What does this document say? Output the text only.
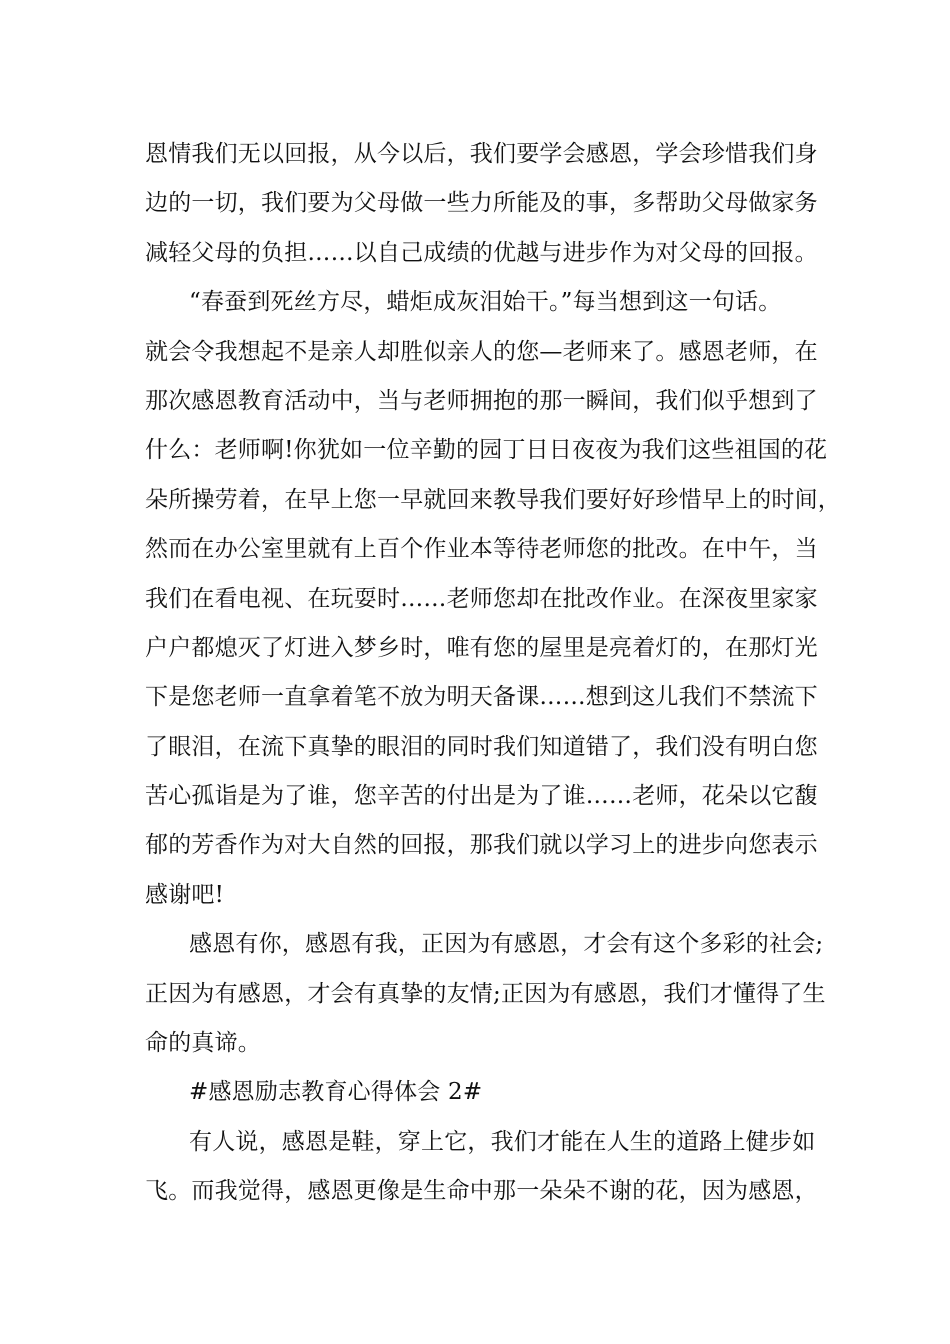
恩情我们无以回报，从今以后，我们要学会感恩，学会珍惜我们身
边的一切，我们要为父母做一些力所能及的事，多帮助父母做家务
减轻父母的负担……以自己成绩的优越与进步作为对父母的回报。
“春蚕到死丝方尽，蜡炬成灰泪始干。”每当想到这一句话。
就会令我想起不是亲人却胜似亲人的您—老师来了。感恩老师，在
那次感恩教育活动中，当与老师拥抱的那一瞬间，我们似乎想到了
什么：老师啊!你犹如一位辛勤的园丁日日夜夜为我们这些祖国的花
朵所操劳着，在早上您一早就回来教导我们要好好珍惜早上的时间，
然而在办公室里就有上百个作业本等待老师您的批改。在中午，当
我们在看电视、在玩耍时……老师您却在批改作业。在深夜里家家
户户都熄灭了灯进入梦乡时，唯有您的屋里是亮着灯的，在那灯光
下是您老师一直拿着笔不放为明天备课……想到这儿我们不禁流下
了眼泪，在流下真挚的眼泪的同时我们知道错了，我们没有明白您
苦心孤诣是为了谁，您辛苦的付出是为了谁……老师，花朵以它馥
郁的芳香作为对大自然的回报，那我们就以学习上的进步向您表示
感谢吧!
感恩有你，感恩有我，正因为有感恩，才会有这个多彩的社会;
正因为有感恩，才会有真挚的友情;正因为有感恩，我们才懂得了生
命的真谛。
#感恩励志教育心得体会 2#
有人说，感恩是鞋，穿上它，我们才能在人生的道路上健步如
飞。而我觉得，感恩更像是生命中那一朵朵不谢的花，因为感恩，
